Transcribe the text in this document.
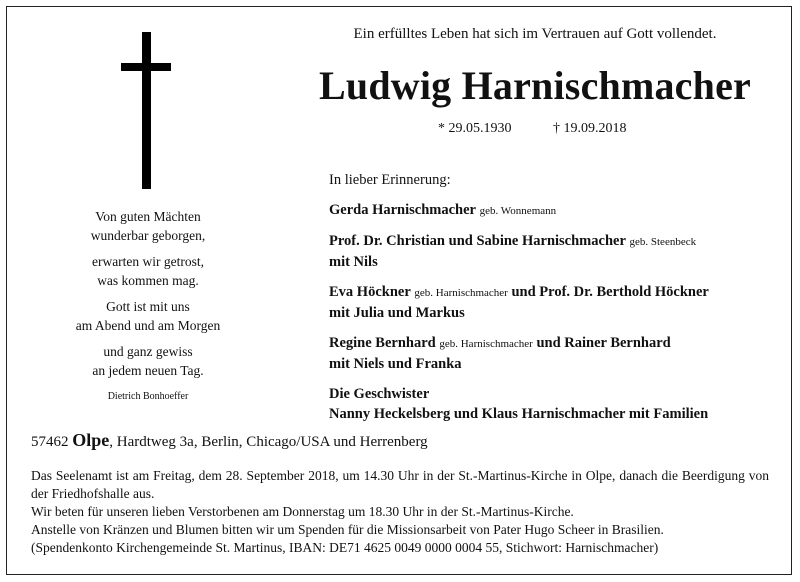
Von guten Mächten
wunderbar geborgen,
erwarten wir getrost,
was kommen mag.
Gott ist mit uns
am Abend und am Morgen
und ganz gewiss
an jedem neuen Tag.
Dietrich Bonhoeffer
Ein erfülltes Leben hat sich im Vertrauen auf Gott vollendet.
Ludwig Harnischmacher
* 29.05.1930	† 19.09.2018
In lieber Erinnerung:
Gerda Harnischmacher geb. Wonnemann
Prof. Dr. Christian und Sabine Harnischmacher geb. Steenbeck
mit Nils
Eva Höckner geb. Harnischmacher und Prof. Dr. Berthold Höckner
mit Julia und Markus
Regine Bernhard geb. Harnischmacher und Rainer Bernhard
mit Niels und Franka
Die Geschwister
Nanny Heckelsberg und Klaus Harnischmacher mit Familien
57462 Olpe, Hardtweg 3a, Berlin, Chicago/USA und Herrenberg

Das Seelenamt ist am Freitag, dem 28. September 2018, um 14.30 Uhr in der St.-Martinus-Kirche in Olpe, danach die Beerdigung von der Friedhofshalle aus.

Wir beten für unseren lieben Verstorbenen am Donnerstag um 18.30 Uhr in der St.-Martinus-Kirche.

Anstelle von Kränzen und Blumen bitten wir um Spenden für die Missionsarbeit von Pater Hugo Scheer in Brasilien.

(Spendenkonto Kirchengemeinde St. Martinus, IBAN: DE71 4625 0049 0000 0004 55, Stichwort: Harnischmacher)
